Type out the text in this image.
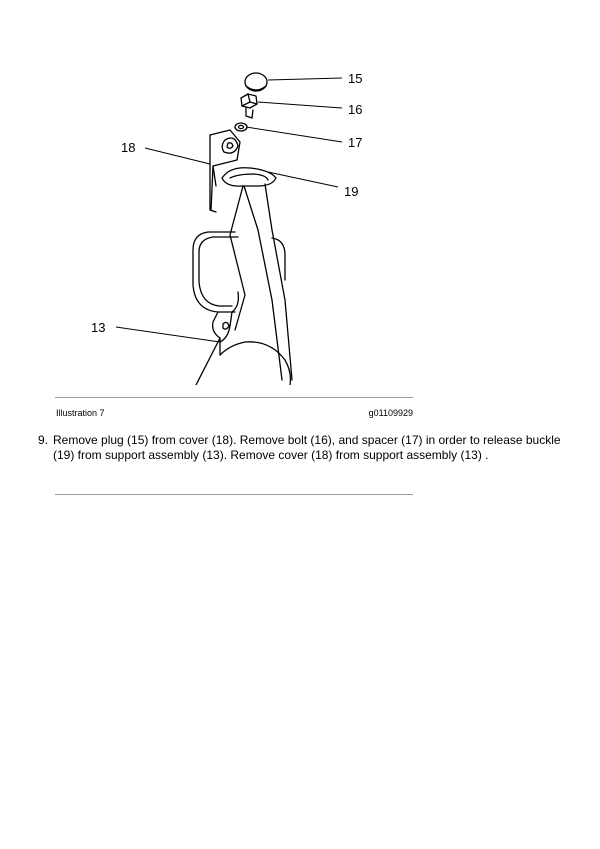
15
16
17
18
19
13
Illustration 7	g01109929
9. Remove plug (15) from cover (18). Remove bolt (16), and spacer (17) in order to release buckle (19) from support assembly (13). Remove cover (18) from support assembly (13) .
